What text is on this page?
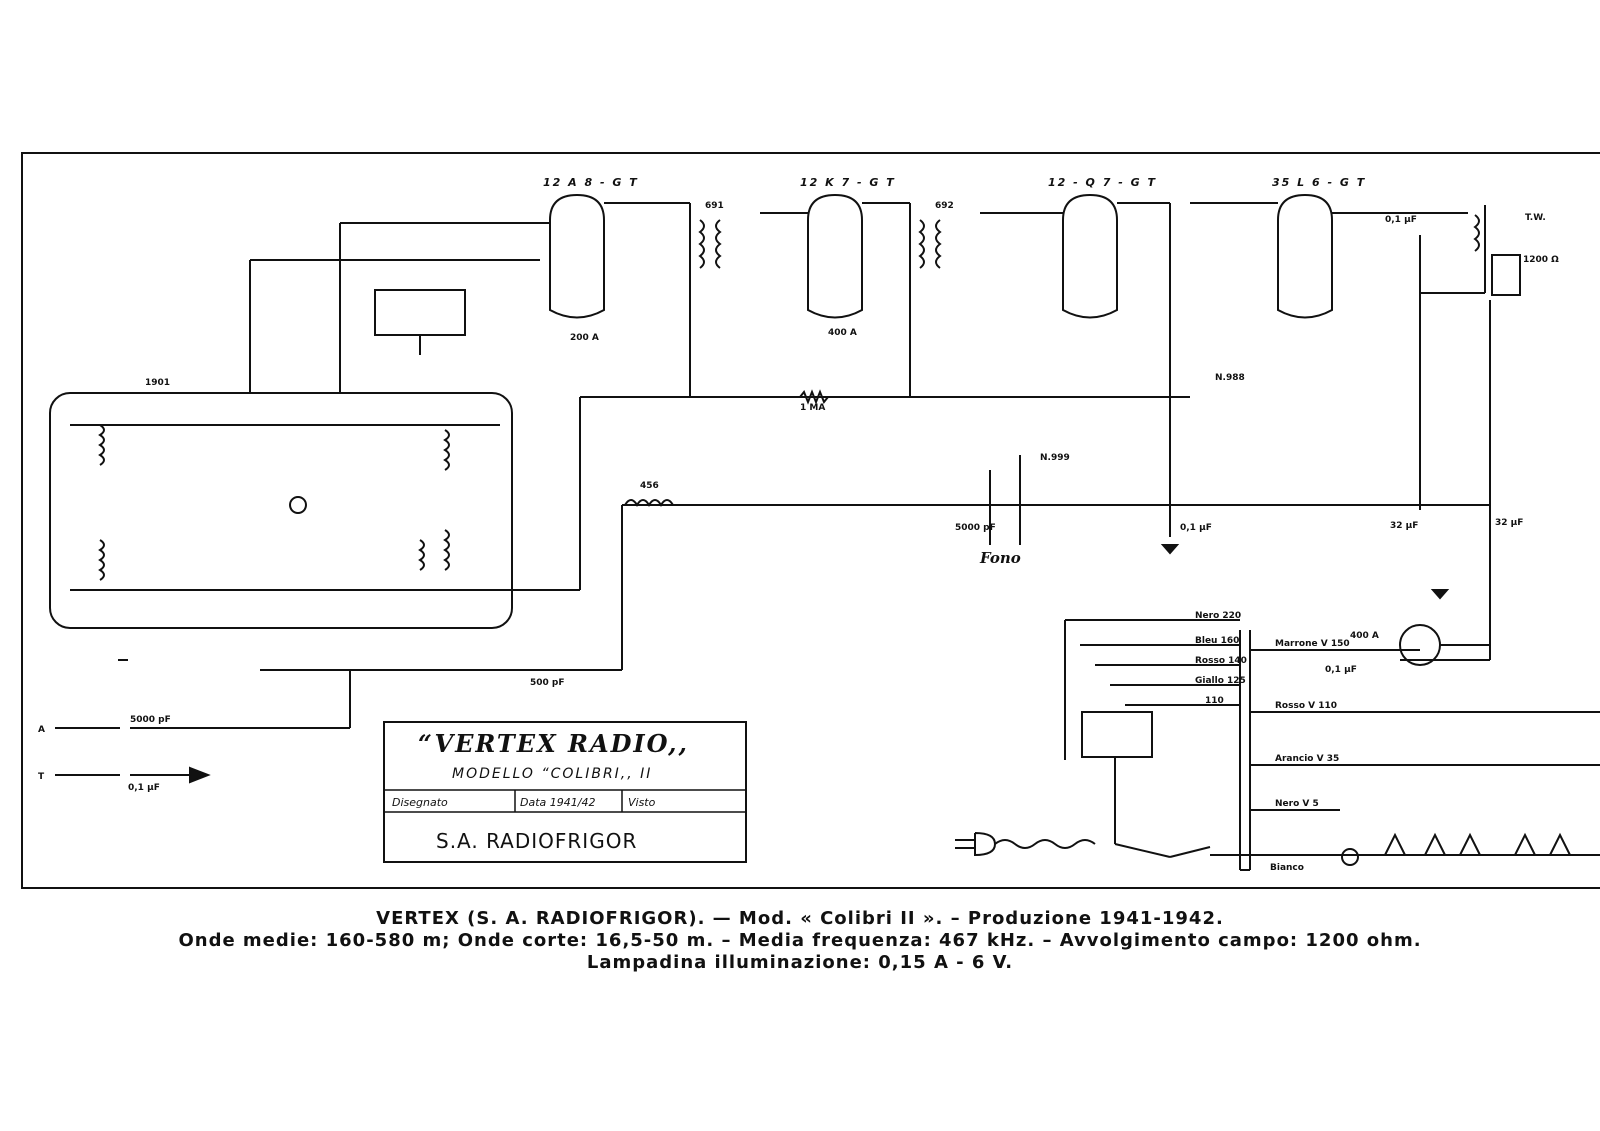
12 A 8 - G T	12 K 7 - G T	12 - Q 7 - G T	35 L 6 - G T
691	692
1901
456
N.999
N.988
Fono
500 pF
5000 pF
1 MA
200 A	400 A
32 µF	32 µF
0,1 µF
0,1 µF
1200 Ω
T.W.
A
T
5000 pF
0,1 µF
400 A
0,1 µF
Nero 220
Bleu 160
Rosso 140
Giallo 125
110
Marrone V 150
Rosso V 110
Arancio V 35
Nero V 5
Bianco
“VERTEX RADIO,,
MODELLO “COLIBRI,, II
Disegnato	Data 1941/42	Visto
S.A. RADIOFRIGOR
VERTEX (S. A. RADIOFRIGOR). — Mod. « Colibri II ». – Produzione 1941-1942.
Onde medie: 160-580 m; Onde corte: 16,5-50 m. – Media frequenza: 467 kHz. – Avvolgimento campo: 1200 ohm.
Lampadina illuminazione: 0,15 A - 6 V.
